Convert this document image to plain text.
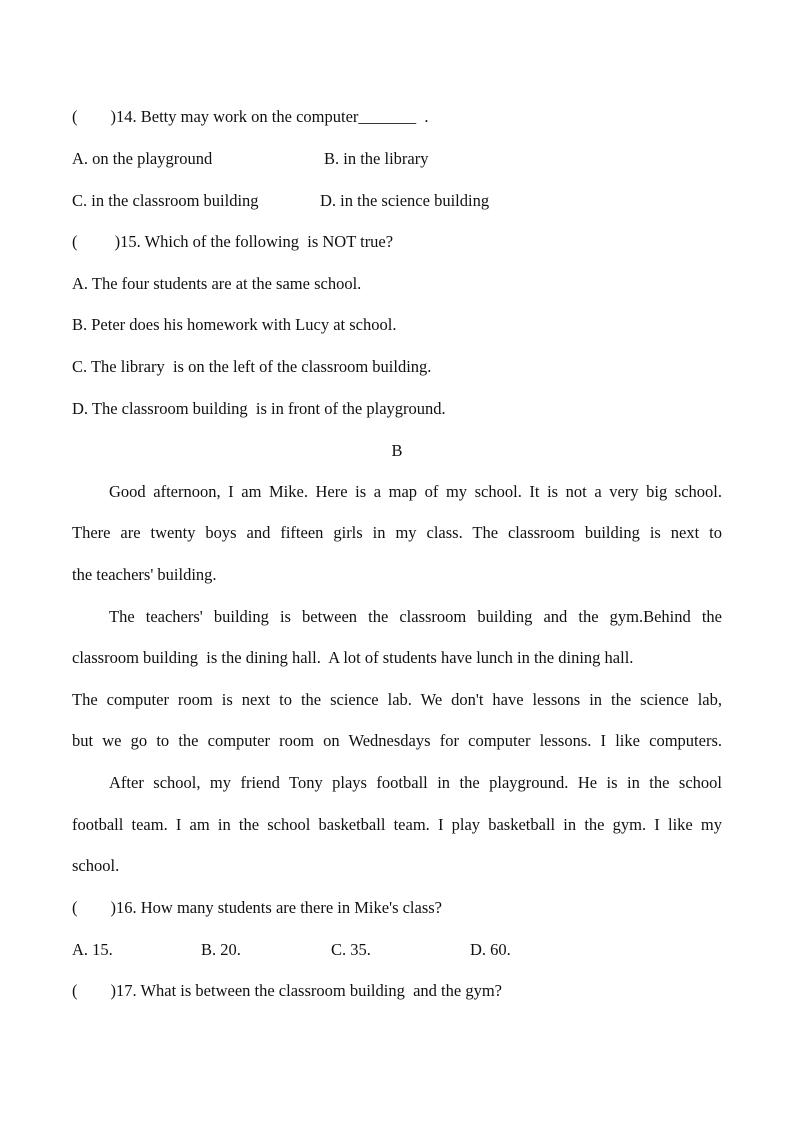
(        )14. Betty may work on the computer_______  .
A. on the playground	B. in the library
C. in the classroom building	D. in the science building
(         )15. Which of the following  is NOT true?
A. The four students are at the same school.
B. Peter does his homework with Lucy at school.
C. The library  is on the left of the classroom building.
D. The classroom building  is in front of the playground.
B
Good afternoon, I am Mike. Here is a map of my school. It is not a very big school.
There are twenty boys and fifteen girls in my class. The classroom building is next to
the teachers' building.
The teachers' building is between the classroom building and the gym.Behind the
classroom building  is the dining hall.  A lot of students have lunch in the dining hall.
The computer room is next to the science lab. We don't have lessons in the science lab,
but we go to the computer room on Wednesdays for computer lessons. I like computers.
After school, my friend Tony plays football in the playground. He is in the school
football team. I am in the school basketball team. I play basketball in the gym. I like my
school.
(        )16. How many students are there in Mike's class?
A. 15.	B. 20.	C. 35.	D. 60.
(        )17. What is between the classroom building  and the gym?
